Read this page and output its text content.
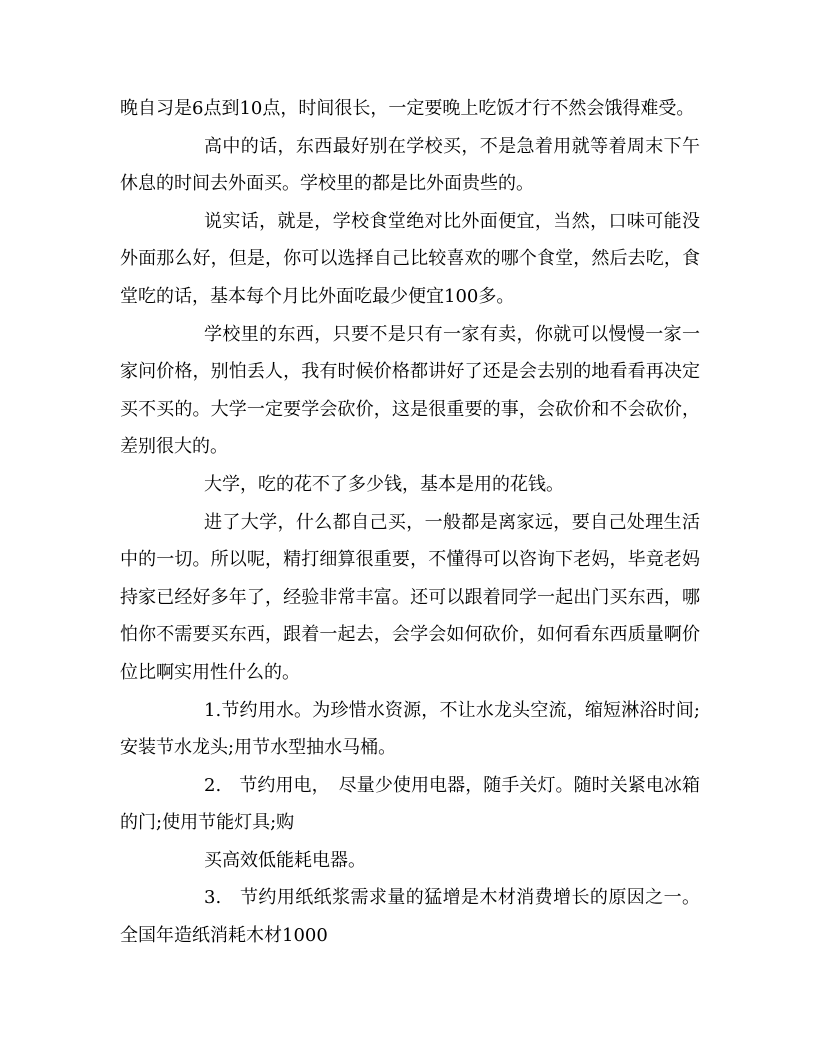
晚自习是6点到10点，时间很长，一定要晚上吃饭才行不然会饿得难受。

高中的话，东西最好别在学校买，不是急着用就等着周末下午休息的时间去外面买。学校里的都是比外面贵些的。

说实话，就是，学校食堂绝对比外面便宜，当然，口味可能没外面那么好，但是，你可以选择自己比较喜欢的哪个食堂，然后去吃，食堂吃的话，基本每个月比外面吃最少便宜100多。

学校里的东西，只要不是只有一家有卖，你就可以慢慢一家一家问价格，别怕丢人，我有时候价格都讲好了还是会去别的地看看再决定买不买的。大学一定要学会砍价，这是很重要的事，会砍价和不会砍价，差别很大的。

大学，吃的花不了多少钱，基本是用的花钱。

进了大学，什么都自己买，一般都是离家远，要自己处理生活中的一切。所以呢，精打细算很重要，不懂得可以咨询下老妈，毕竟老妈持家已经好多年了，经验非常丰富。还可以跟着同学一起出门买东西，哪怕你不需要买东西，跟着一起去，会学会如何砍价，如何看东西质量啊价位比啊实用性什么的。

1.节约用水。为珍惜水资源，不让水龙头空流，缩短淋浴时间;安装节水龙头;用节水型抽水马桶。

2.　节约用电，　尽量少使用电器，随手关灯。随时关紧电冰箱的门;使用节能灯具;购

买高效低能耗电器。

3.　节约用纸纸浆需求量的猛增是木材消费增长的原因之一。全国年造纸消耗木材1000
